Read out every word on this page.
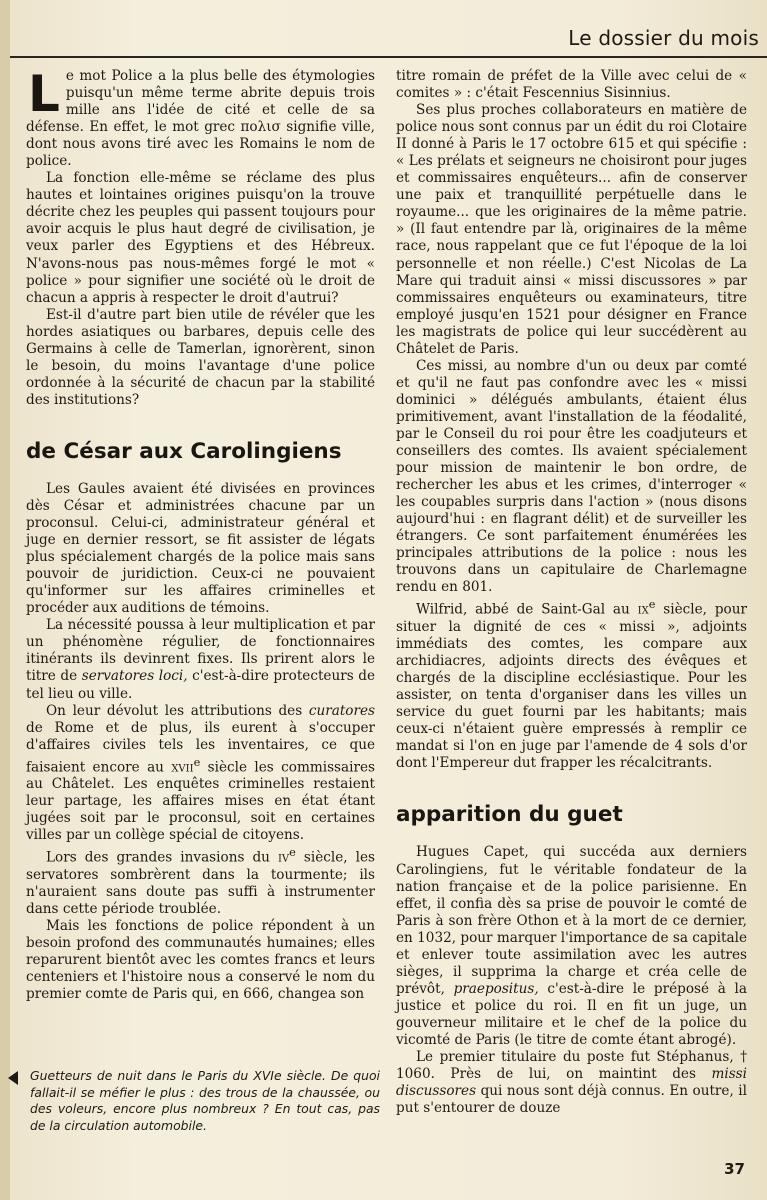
Le dossier du mois

Le mot Police a la plus belle des étymologies puisqu'un même terme abrite depuis trois mille ans l'idée de cité et celle de sa défense. En effet, le mot grec πολισ signifie ville, dont nous avons tiré avec les Romains le nom de police.

La fonction elle-même se réclame des plus hautes et lointaines origines puisqu'on la trouve décrite chez les peuples qui passent toujours pour avoir acquis le plus haut degré de civilisation, je veux parler des Egyptiens et des Hébreux. N'avons-nous pas nous-mêmes forgé le mot « police » pour signifier une société où le droit de chacun a appris à respecter le droit d'autrui?

Est-il d'autre part bien utile de révéler que les hordes asiatiques ou barbares, depuis celle des Germains à celle de Tamerlan, ignorèrent, sinon le besoin, du moins l'avantage d'une police ordonnée à la sécurité de chacun par la stabilité des institutions?

de César aux Carolingiens

Les Gaules avaient été divisées en provinces dès César et administrées chacune par un proconsul. Celui-ci, administrateur général et juge en dernier ressort, se fit assister de légats plus spécialement chargés de la police mais sans pouvoir de juridiction. Ceux-ci ne pouvaient qu'informer sur les affaires criminelles et procéder aux auditions de témoins.

La nécessité poussa à leur multiplication et par un phénomène régulier, de fonctionnaires itinérants ils devinrent fixes. Ils prirent alors le titre de servatores loci, c'est-à-dire protecteurs de tel lieu ou ville.

On leur dévolut les attributions des curatores de Rome et de plus, ils eurent à s'occuper d'affaires civiles tels les inventaires, ce que faisaient encore au xvii$^e$ siècle les commissaires au Châtelet. Les enquêtes criminelles restaient leur partage, les affaires mises en état étant jugées soit par le proconsul, soit en certaines villes par un collège spécial de citoyens.

Lors des grandes invasions du $iv^e$ siècle, les servatores sombrèrent dans la tourmente; ils n'auraient sans doute pas suffi à instrumenter dans cette période troublée.

Mais les fonctions de police répondent à un besoin profond des communautés humaines; elles reparurent bientôt avec les comtes francs et leurs centeniers et l'histoire nous a conservé le nom du premier comte de Paris qui, en 666, changea son

titre romain de préfet de la Ville avec celui de « comites » : c'était Fescennius Sisinnius.

Ses plus proches collaborateurs en matière de police nous sont connus par un édit du roi Clotaire II donné à Paris le 17 octobre 615 et qui spécifie : « Les prélats et seigneurs ne choisiront pour juges et commissaires enquêteurs... afin de conserver une paix et tranquillité perpétuelle dans le royaume... que les originaires de la même patrie. » (Il faut entendre par là, originaires de la même race, nous rappelant que ce fut l'époque de la loi personnelle et non réelle.) C'est Nicolas de La Mare qui traduit ainsi « missi discussores » par commissaires enquêteurs ou examinateurs, titre employé jusqu'en 1521 pour désigner en France les magistrats de police qui leur succédèrent au Châtelet de Paris.

Ces missi, au nombre d'un ou deux par comté et qu'il ne faut pas confondre avec les « missi dominici » délégués ambulants, étaient élus primitivement, avant l'installation de la féodalité, par le Conseil du roi pour être les coadjuteurs et conseillers des comtes. Ils avaient spécialement pour mission de maintenir le bon ordre, de rechercher les abus et les crimes, d'interroger « les coupables surpris dans l'action » (nous disons aujourd'hui : en flagrant délit) et de surveiller les étrangers. Ce sont parfaitement énumérées les principales attributions de la police : nous les trouvons dans un capitulaire de Charlemagne rendu en 801.

Wilfrid, abbé de Saint-Gal au $ix^e$ siècle, pour situer la dignité de ces « missi », adjoints immédiats des comtes, les compare aux archidiacres, adjoints directs des évêques et chargés de la discipline ecclésiastique. Pour les assister, on tenta d'organiser dans les villes un service du guet fourni par les habitants; mais ceux-ci n'étaient guère empressés à remplir ce mandat si l'on en juge par l'amende de 4 sols d'or dont l'Empereur dut frapper les récalcitrants.

apparition du guet

Hugues Capet, qui succéda aux derniers Carolingiens, fut le véritable fondateur de la nation française et de la police parisienne. En effet, il confia dès sa prise de pouvoir le comté de Paris à son frère Othon et à la mort de ce dernier, en 1032, pour marquer l'importance de sa capitale et enlever toute assimilation avec les autres sièges, il supprima la charge et créa celle de prévôt, praepositus, c'est-à-dire le préposé à la justice et police du roi. Il en fit un juge, un gouverneur militaire et le chef de la police du vicomté de Paris (le titre de comte étant abrogé).

Le premier titulaire du poste fut Stéphanus, † 1060. Près de lui, on maintint des missi discussores qui nous sont déjà connus. En outre, il put s'entourer de douze

Guetteurs de nuit dans le Paris du XVIe siècle. De quoi fallait-il se méfier le plus : des trous de la chaussée, ou des voleurs, encore plus nombreux ? En tout cas, pas de la circulation automobile.
37
